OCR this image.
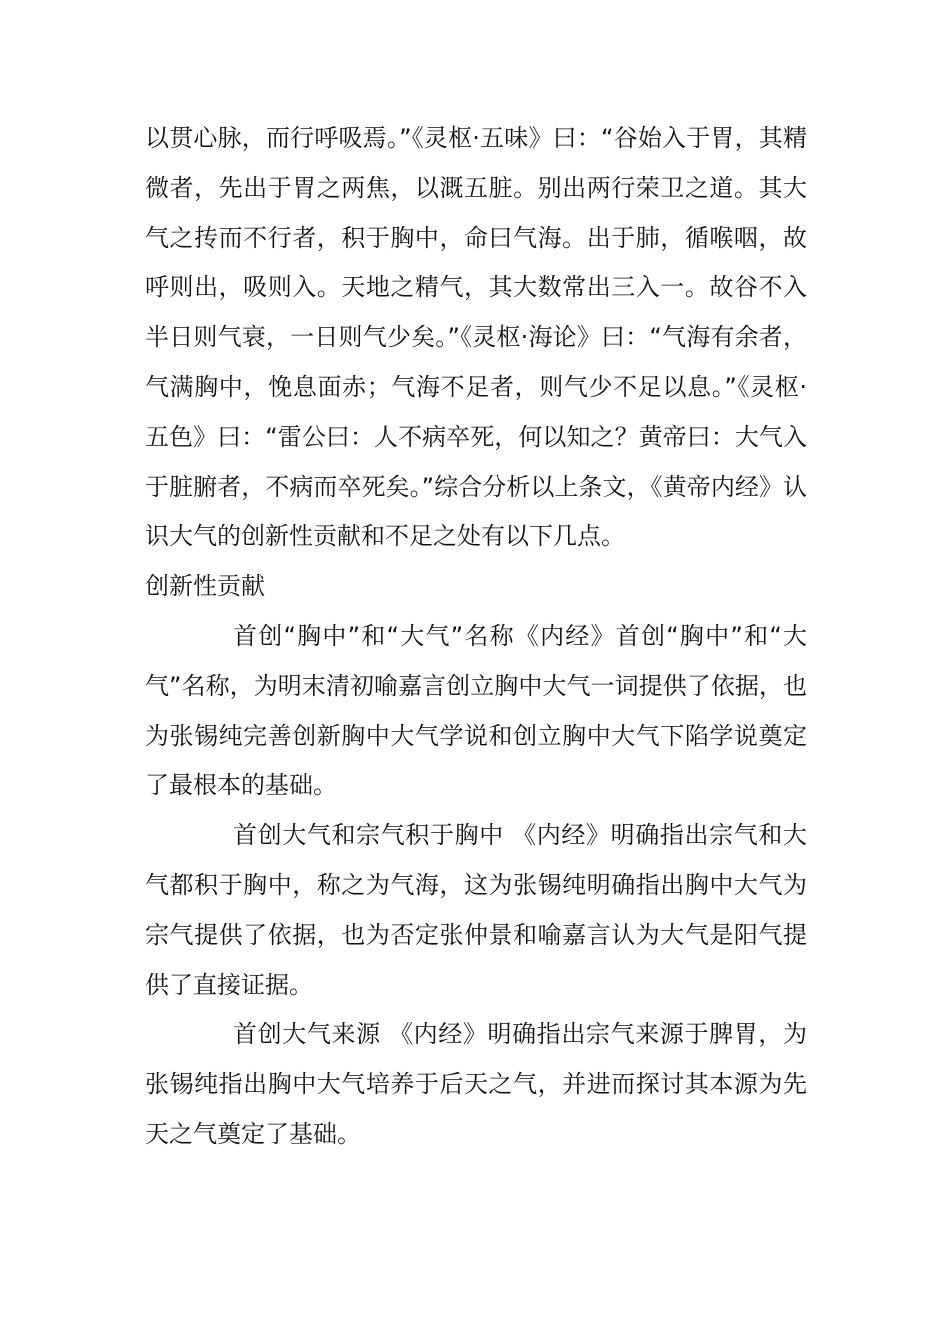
以贯心脉，而行呼吸焉。”《灵枢·五味》曰：“谷始入于胃，其精微者，先出于胃之两焦，以溉五脏。别出两行荣卫之道。其大气之抟而不行者，积于胸中，命曰气海。出于肺，循喉咽，故呼则出，吸则入。天地之精气，其大数常出三入一。故谷不入半日则气衰，一日则气少矣。”《灵枢·海论》曰：“气海有余者，气满胸中，悗息面赤；气海不足者，则气少不足以息。”《灵枢·五色》曰：“雷公曰：人不病卒死，何以知之？黄帝曰：大气入于脏腑者，不病而卒死矣。”综合分析以上条文，《黄帝内经》认识大气的创新性贡献和不足之处有以下几点。

创新性贡献

首创“胸中”和“大气”名称《内经》首创“胸中”和“大气”名称，为明末清初喻嘉言创立胸中大气一词提供了依据，也为张锡纯完善创新胸中大气学说和创立胸中大气下陷学说奠定了最根本的基础。

首创大气和宗气积于胸中 《内经》明确指出宗气和大气都积于胸中，称之为气海，这为张锡纯明确指出胸中大气为宗气提供了依据，也为否定张仲景和喻嘉言认为大气是阳气提供了直接证据。

首创大气来源 《内经》明确指出宗气来源于脾胃，为张锡纯指出胸中大气培养于后天之气，并进而探讨其本源为先天之气奠定了基础。
